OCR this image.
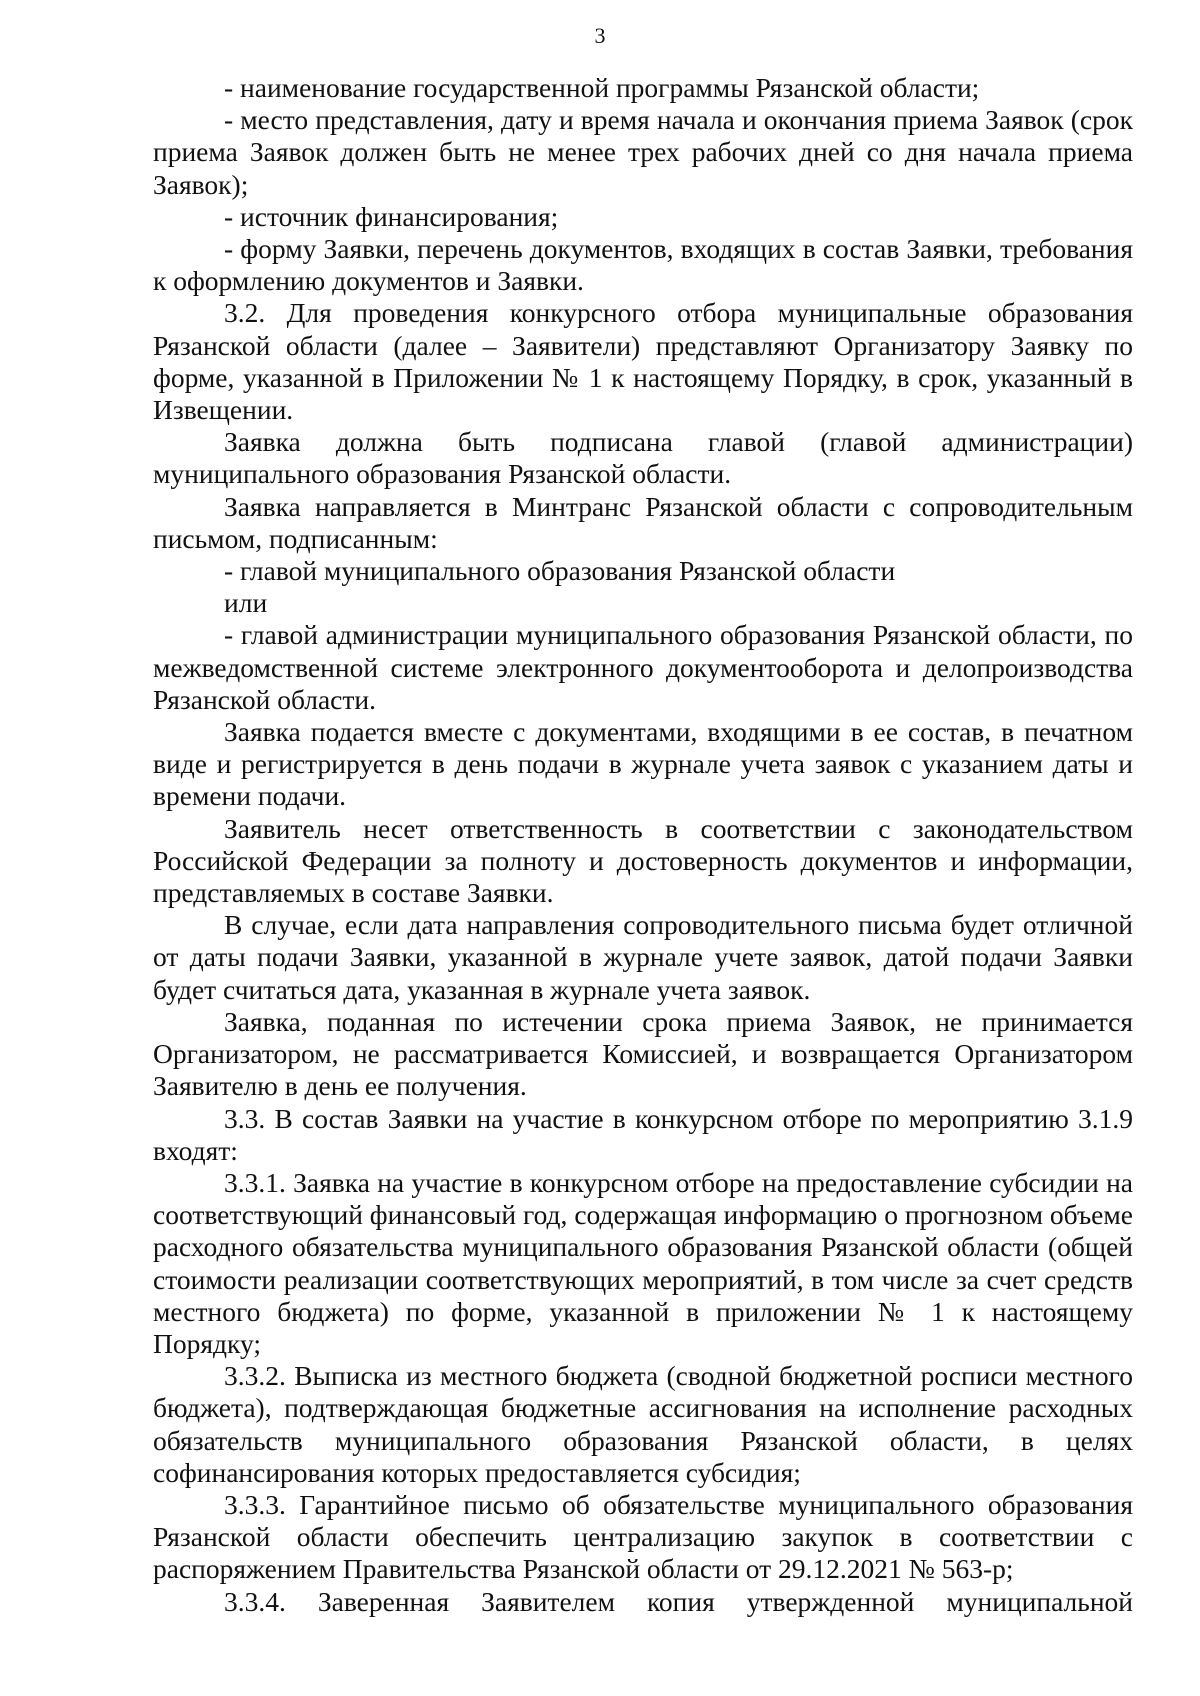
3

- наименование государственной программы Рязанской области;

- место представления, дату и время начала и окончания приема Заявок (срок приема Заявок должен быть не менее трех рабочих дней со дня начала приема Заявок);

- источник финансирования;

- форму Заявки, перечень документов, входящих в состав Заявки, требования к оформлению документов и Заявки.

3.2. Для проведения конкурсного отбора муниципальные образования Рязанской области (далее – Заявители) представляют Организатору Заявку по форме, указанной в Приложении № 1 к настоящему Порядку, в срок, указанный в Извещении.

Заявка должна быть подписана главой (главой администрации) муниципального образования Рязанской области.

Заявка направляется в Минтранс Рязанской области с сопроводительным письмом, подписанным:

- главой муниципального образования Рязанской области

или

- главой администрации муниципального образования Рязанской области, по межведомственной системе электронного документооборота и делопроизводства Рязанской области.

Заявка подается вместе с документами, входящими в ее состав, в печатном виде и регистрируется в день подачи в журнале учета заявок с указанием даты и времени подачи.

Заявитель несет ответственность в соответствии с законодательством Российской Федерации за полноту и достоверность документов и информации, представляемых в составе Заявки.

В случае, если дата направления сопроводительного письма будет отличной от даты подачи Заявки, указанной в журнале учете заявок, датой подачи Заявки будет считаться дата, указанная в журнале учета заявок.

Заявка, поданная по истечении срока приема Заявок, не принимается Организатором, не рассматривается Комиссией, и возвращается Организатором Заявителю в день ее получения.

3.3. В состав Заявки на участие в конкурсном отборе по мероприятию 3.1.9 входят:

3.3.1. Заявка на участие в конкурсном отборе на предоставление субсидии на соответствующий финансовый год, содержащая информацию о прогнозном объеме расходного обязательства муниципального образования Рязанской области (общей стоимости реализации соответствующих мероприятий, в том числе за счет средств местного бюджета) по форме, указанной в приложении № 1 к настоящему Порядку;

3.3.2. Выписка из местного бюджета (сводной бюджетной росписи местного бюджета), подтверждающая бюджетные ассигнования на исполнение расходных обязательств муниципального образования Рязанской области, в целях софинансирования которых предоставляется субсидия;

3.3.3. Гарантийное письмо об обязательстве муниципального образования Рязанской области обеспечить централизацию закупок в соответствии с распоряжением Правительства Рязанской области от 29.12.2021 № 563-р;

3.3.4. Заверенная Заявителем копия утвержденной муниципальной
